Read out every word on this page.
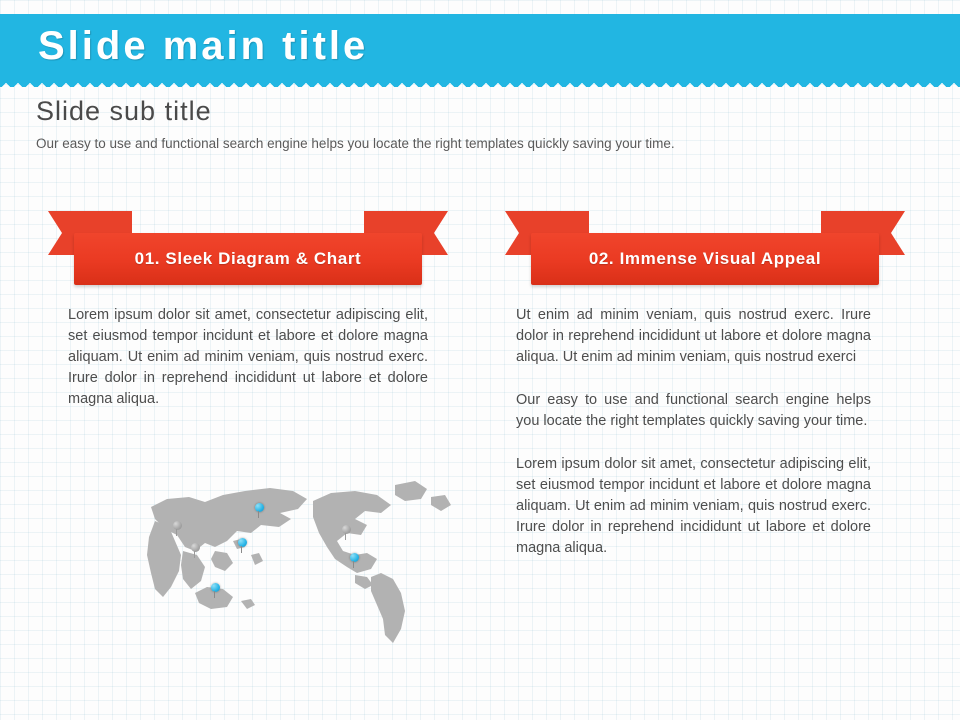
Slide main title
Slide sub title
Our easy to use and functional search engine helps you locate the right templates quickly saving your time.
01. Sleek Diagram & Chart	02. Immense Visual Appeal
Lorem ipsum dolor sit amet, consectetur adipiscing elit, set eiusmod tempor incidunt et labore et dolore magna aliquam. Ut enim ad minim veniam, quis nostrud exerc. Irure dolor in reprehend incididunt ut labore et dolore magna aliqua.

Ut enim ad minim veniam, quis nostrud exerc. Irure dolor in reprehend incididunt ut labore et dolore magna aliqua. Ut enim ad minim veniam, quis nostrud exerci

Our easy to use and functional search engine helps you locate the right templates quickly saving your time.

Lorem ipsum dolor sit amet, consectetur adipiscing elit, set eiusmod tempor incidunt et labore et dolore magna aliquam. Ut enim ad minim veniam, quis nostrud exerc. Irure dolor in reprehend incididunt ut labore et dolore magna aliqua.
